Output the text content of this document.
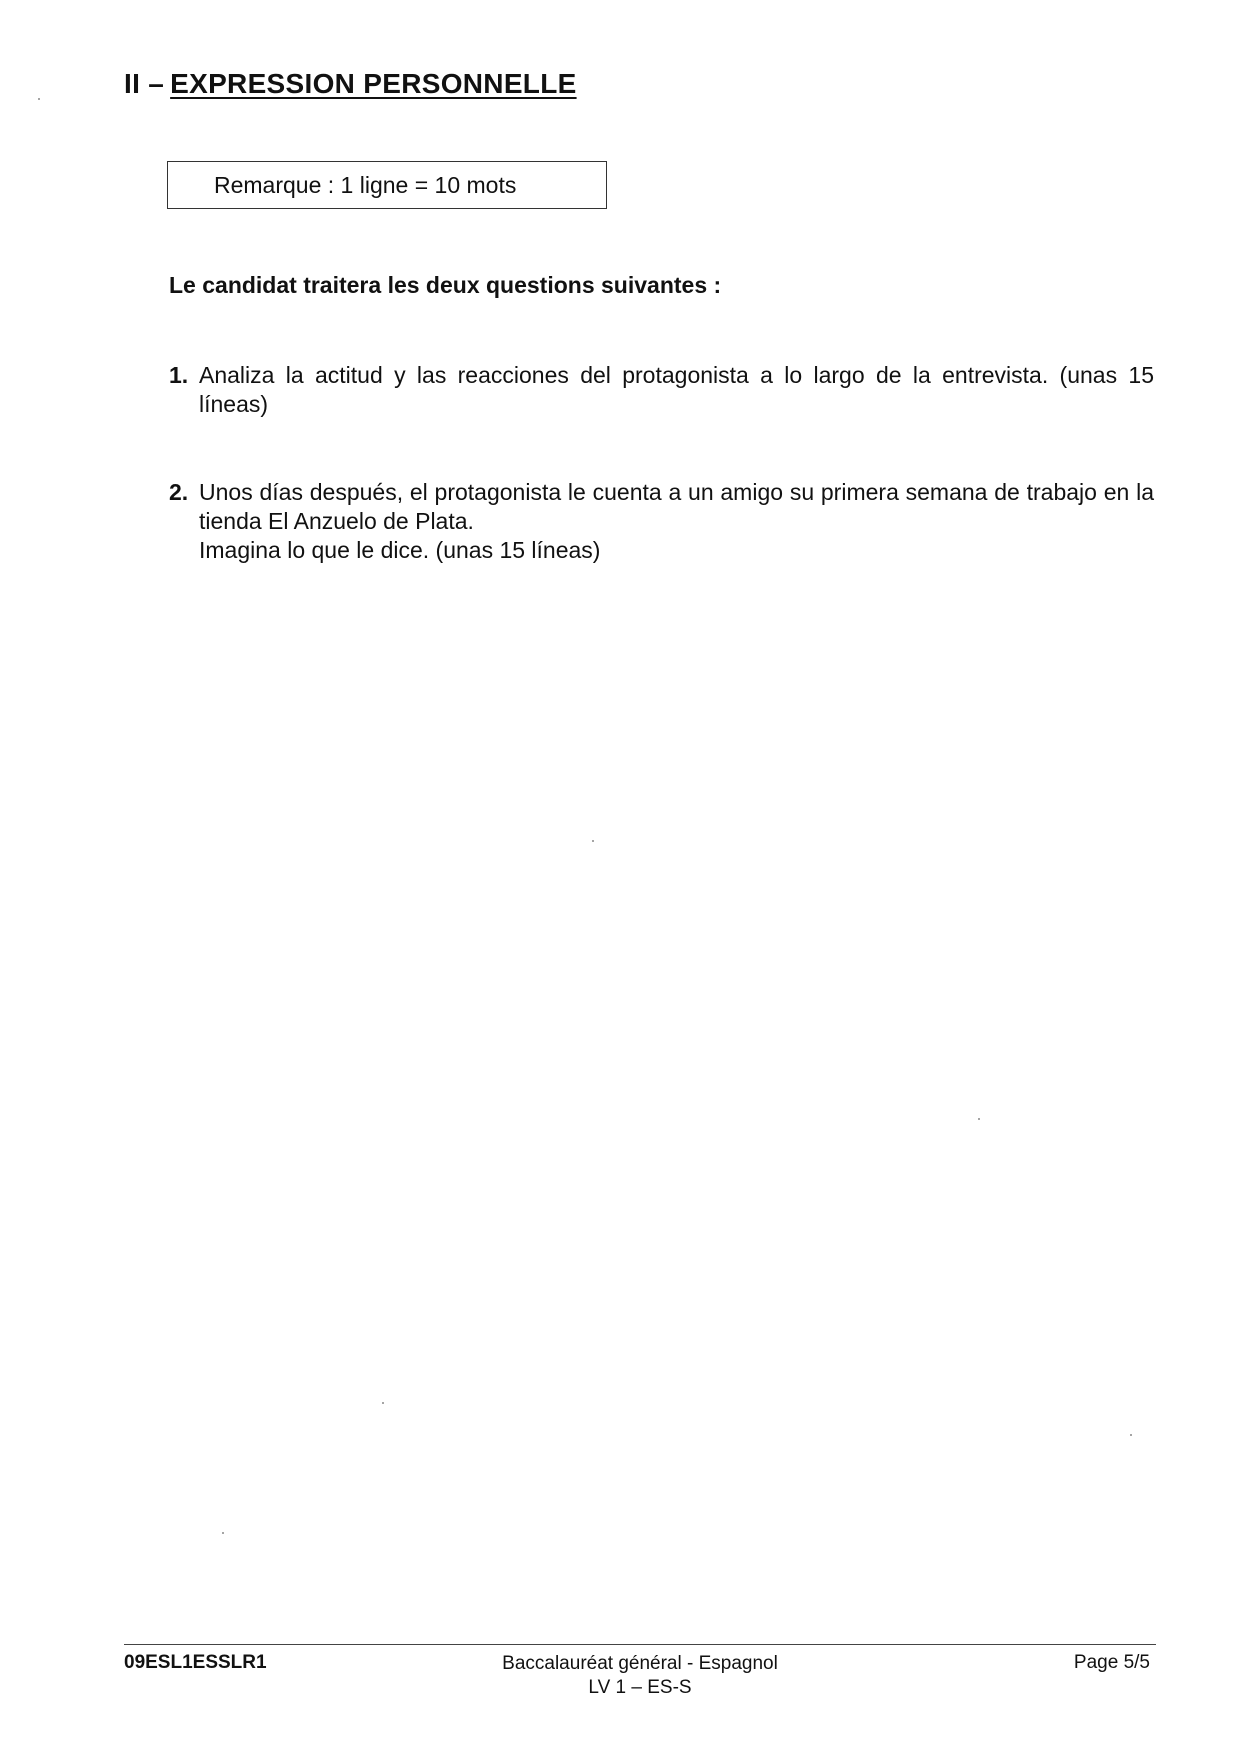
II – EXPRESSION PERSONNELLE
Remarque : 1 ligne = 10 mots
Le candidat traitera les deux questions suivantes :
1. Analiza la actitud y las reacciones del protagonista a lo largo de la entrevista. (unas 15 líneas)
2. Unos días después, el protagonista le cuenta a un amigo su primera semana de trabajo en la tienda El Anzuelo de Plata.
Imagina lo que le dice. (unas 15 líneas)
09ESL1ESSLR1	Baccalauréat général - Espagnol
LV 1 – ES-S
Page 5/5
